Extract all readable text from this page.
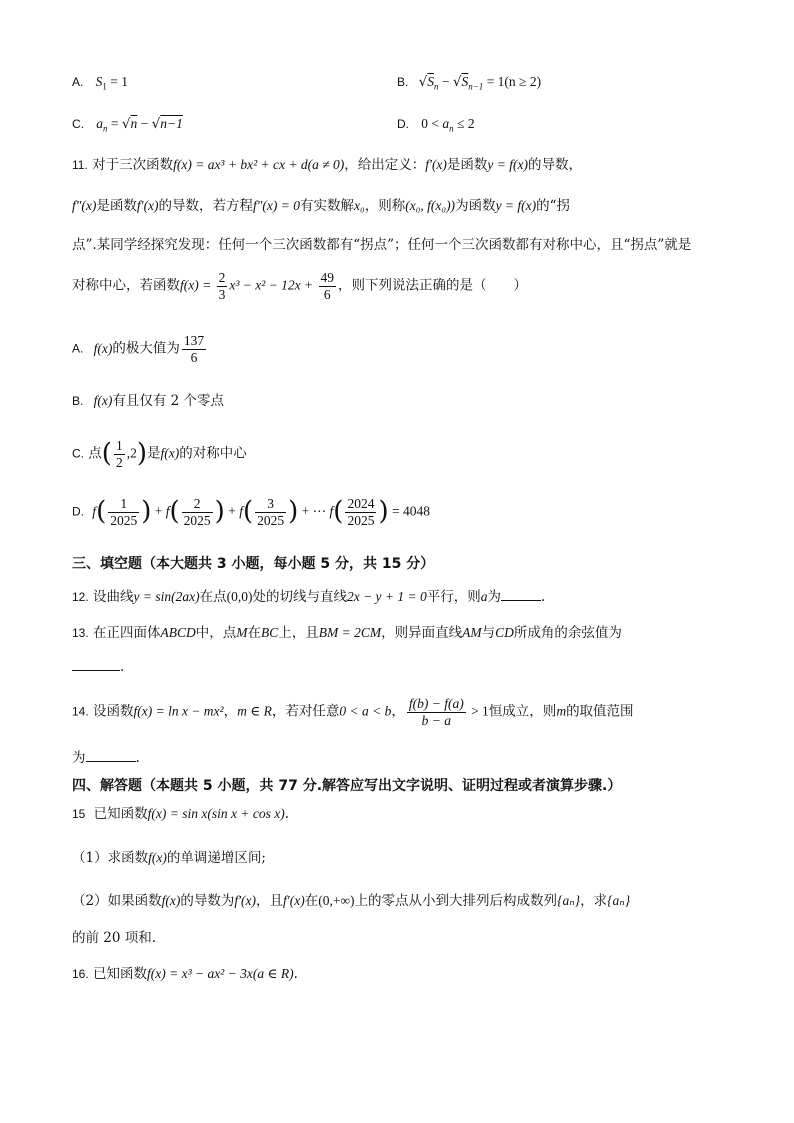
A. $S_1 = 1$	B. $√S_n - √S_{n-1} = 1(n \ge 2)$
C. $a_n = √n - √n-1$	D. $0 < a_n \le 2$
11. 对于三次函数f(x) = ax³ + bx² + cx + d(a ≠ 0)，给出定义：f′(x)是函数y = f(x)的导数，
f″(x)是函数f′(x)的导数，若方程f″(x) = 0有实数解x₀，则称(x₀, f(x₀))为函数y = f(x)的“拐
点”.某同学经探究发现：任何一个三次函数都有“拐点”；任何一个三次函数都有对称中心，且“拐点”就是
对称中心，若函数$f(x) = \frac{2}{3} x^3 - x^2 - 12x + \frac{49}{6}$ ，则下列说法正确的是（　　）
A. f(x)的极大值为 $\frac{137}{6}$
B. f(x)有且仅有 2 个零点
C. 点( $\frac{1}{2} ,2$)是f(x)的对称中心
D. $f( \frac{1}{2025}$ ) + $f( \frac{2}{2025}$ ) + $f( \frac{3}{2025}$ ) + ⋯ $f( \frac{2024}{2025}$ ) = 4048
三、填空题（本大题共 3 小题，每小题 5 分，共 15 分）
12. 设曲线y = sin(2ax)在点(0,0)处的切线与直线2x − y + 1 = 0平行，则a为	.
13. 在正四面体ABCD中，点M在BC上，且BM = 2CM，则异面直线AM与CD所成角的余弦值为
.
14. 设函数f(x) = ln x − mx²，m ∈ R，若对任意0 < a < b， $\frac{f(b) - f(a)}{b - a} > 1$恒成立，则m的取值范围
为	.
四、解答题（本题共 5 小题，共 77 分.解答应写出文字说明、证明过程或者演算步骤.）
15 已知函数f(x) = sin x(sin x + cos x).
（1）求函数f(x)的单调递增区间;
（2）如果函数f(x)的导数为f′(x)，且f′(x)在(0,+∞)上的零点从小到大排列后构成数列{aₙ}，求{aₙ}
的前 20 项和.
16. 已知函数f(x) = x³ − ax² − 3x(a ∈ R).
